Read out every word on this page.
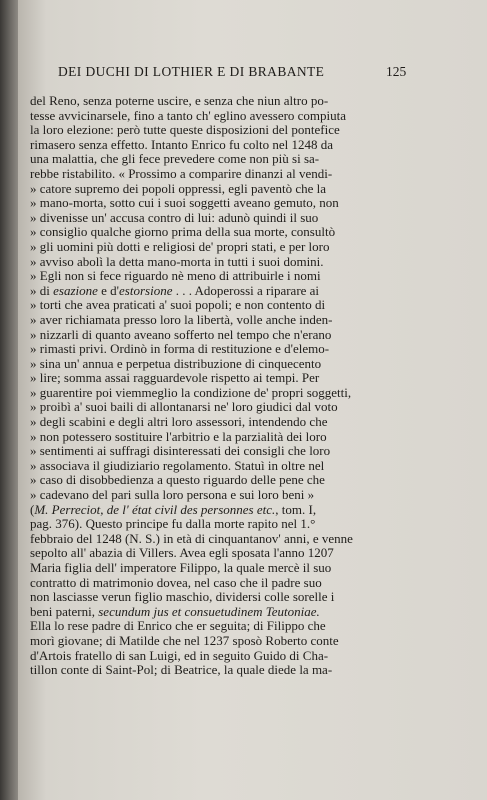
DEI DUCHI DI LOTHIER E DI BRABANTE	125
del Reno, senza poterne uscire, e senza che niun altro po-
tesse avvicinarsele, fino a tanto ch' eglino avessero compiuta
la loro elezione: però tutte queste disposizioni del pontefice
rimasero senza effetto. Intanto Enrico fu colto nel 1248 da
una malattia, che gli fece prevedere come non più si sa-
rebbe ristabilito. « Prossimo a comparire dinanzi al vendi-
» catore supremo dei popoli oppressi, egli paventò che la
» mano-morta, sotto cui i suoi soggetti aveano gemuto, non
» divenisse un' accusa contro di lui: adunò quindi il suo
» consiglio qualche giorno prima della sua morte, consultò
» gli uomini più dotti e religiosi de' propri stati, e per loro
» avviso abolì la detta mano-morta in tutti i suoi domini.
» Egli non si fece riguardo nè meno di attribuirle i nomi
» di esazione e d'estorsione . . . Adoperossi a riparare ai
» torti che avea praticati a' suoi popoli; e non contento di
» aver richiamata presso loro la libertà, volle anche inden-
» nizzarli di quanto aveano sofferto nel tempo che n'erano
» rimasti privi. Ordinò in forma di restituzione e d'elemo-
» sina un' annua e perpetua distribuzione di cinquecento
» lire; somma assai ragguardevole rispetto ai tempi. Per
» guarentire poi viemmeglio la condizione de' propri soggetti,
» proibì a' suoi baili di allontanarsi ne' loro giudici dal voto
» degli scabini e degli altri loro assessori, intendendo che
» non potessero sostituire l'arbitrio e la parzialità dei loro
» sentimenti ai suffragi disinteressati dei consigli che loro
» associava il giudiziario regolamento. Statuì in oltre nel
» caso di disobbedienza a questo riguardo delle pene che
» cadevano del pari sulla loro persona e sui loro beni »
(M. Perreciot, de l' état civil des personnes etc., tom. I,
pag. 376). Questo principe fu dalla morte rapito nel 1.°
febbraio del 1248 (N. S.) in età di cinquantanov' anni, e venne
sepolto all' abazia di Villers. Avea egli sposata l'anno 1207
Maria figlia dell' imperatore Filippo, la quale mercè il suo
contratto di matrimonio dovea, nel caso che il padre suo
non lasciasse verun figlio maschio, dividersi colle sorelle i
beni paterni, secundum jus et consuetudinem Teutoniae.
Ella lo rese padre di Enrico che er seguita; di Filippo che
morì giovane; di Matilde che nel 1237 sposò Roberto conte
d'Artois fratello di san Luigi, ed in seguito Guido di Cha-
tillon conte di Saint-Pol; di Beatrice, la quale diede la ma-
